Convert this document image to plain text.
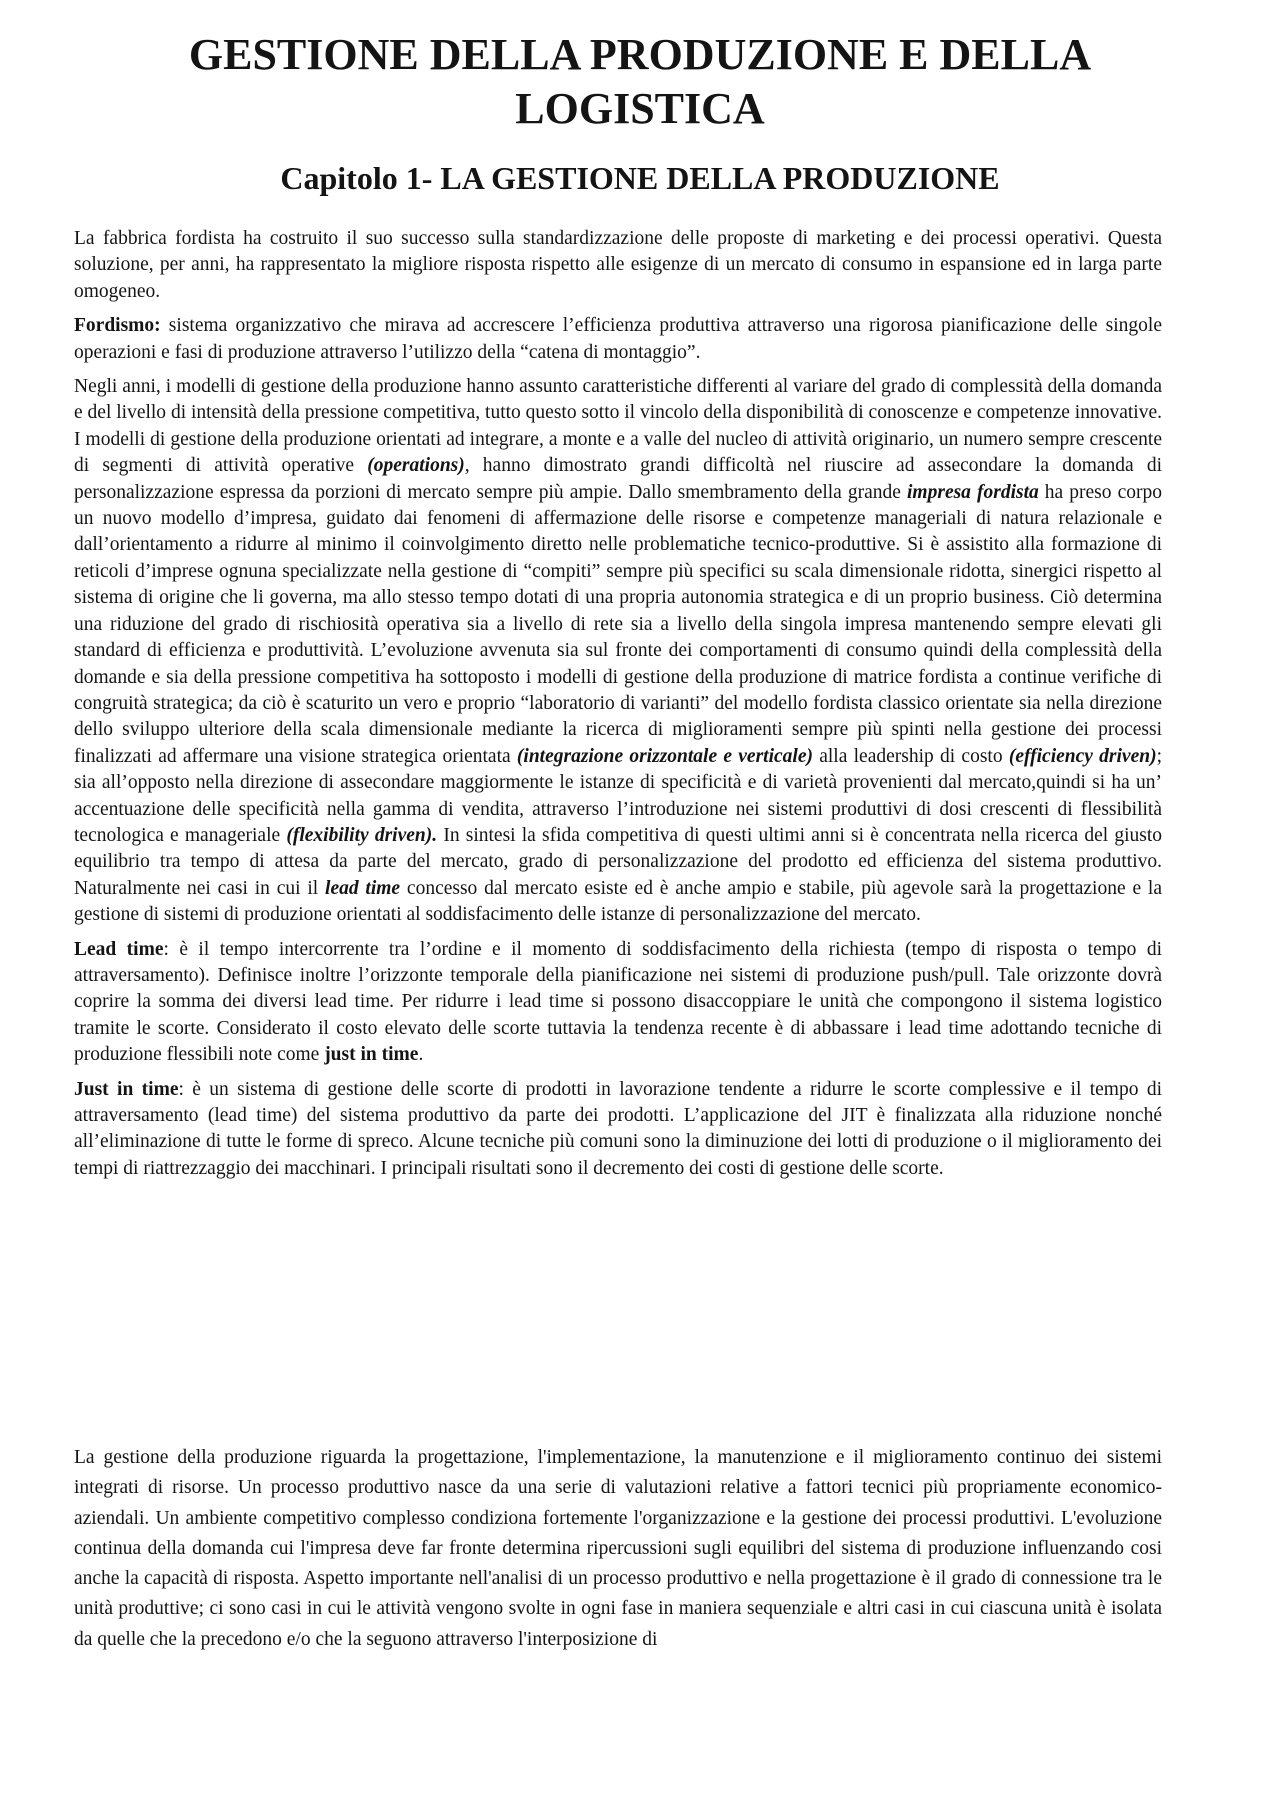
GESTIONE DELLA PRODUZIONE E DELLA
LOGISTICA
Capitolo 1- LA GESTIONE DELLA PRODUZIONE

La fabbrica fordista ha costruito il suo successo sulla standardizzazione delle proposte di marketing e dei processi operativi. Questa soluzione, per anni, ha rappresentato la migliore risposta rispetto alle esigenze di un mercato di consumo in espansione ed in larga parte omogeneo.

Fordismo: sistema organizzativo che mirava ad accrescere l’efficienza produttiva attraverso una rigorosa pianificazione delle singole operazioni e fasi di produzione attraverso l’utilizzo della “catena di montaggio”.

Negli anni, i modelli di gestione della produzione hanno assunto caratteristiche differenti al variare del grado di complessità della domanda e del livello di intensità della pressione competitiva, tutto questo sotto il vincolo della disponibilità di conoscenze e competenze innovative. I modelli di gestione della produzione orientati ad integrare, a monte e a valle del nucleo di attività originario, un numero sempre crescente di segmenti di attività operative (operations), hanno dimostrato grandi difficoltà nel riuscire ad assecondare la domanda di personalizzazione espressa da porzioni di mercato sempre più ampie. Dallo smembramento della grande impresa fordista ha preso corpo un nuovo modello d’impresa, guidato dai fenomeni di affermazione delle risorse e competenze manageriali di natura relazionale e dall’orientamento a ridurre al minimo il coinvolgimento diretto nelle problematiche tecnico-produttive. Si è assistito alla formazione di reticoli d’imprese ognuna specializzate nella gestione di “compiti” sempre più specifici su scala dimensionale ridotta, sinergici rispetto al sistema di origine che li governa, ma allo stesso tempo dotati di una propria autonomia strategica e di un proprio business. Ciò determina una riduzione del grado di rischiosità operativa sia a livello di rete sia a livello della singola impresa mantenendo sempre elevati gli standard di efficienza e produttività. L’evoluzione avvenuta sia sul fronte dei comportamenti di consumo quindi della complessità della domande e sia della pressione competitiva ha sottoposto i modelli di gestione della produzione di matrice fordista a continue verifiche di congruità strategica; da ciò è scaturito un vero e proprio “laboratorio di varianti” del modello fordista classico orientate sia nella direzione dello sviluppo ulteriore della scala dimensionale mediante la ricerca di miglioramenti sempre più spinti nella gestione dei processi finalizzati ad affermare una visione strategica orientata (integrazione orizzontale e verticale) alla leadership di costo (efficiency driven); sia all’opposto nella direzione di assecondare maggiormente le istanze di specificità e di varietà provenienti dal mercato,quindi si ha un’ accentuazione delle specificità nella gamma di vendita, attraverso l’introduzione nei sistemi produttivi di dosi crescenti di flessibilità tecnologica e manageriale (flexibility driven). In sintesi la sfida competitiva di questi ultimi anni si è concentrata nella ricerca del giusto equilibrio tra tempo di attesa da parte del mercato, grado di personalizzazione del prodotto ed efficienza del sistema produttivo. Naturalmente nei casi in cui il lead time concesso dal mercato esiste ed è anche ampio e stabile, più agevole sarà la progettazione e la gestione di sistemi di produzione orientati al soddisfacimento delle istanze di personalizzazione del mercato.

Lead time: è il tempo intercorrente tra l’ordine e il momento di soddisfacimento della richiesta (tempo di risposta o tempo di attraversamento). Definisce inoltre l’orizzonte temporale della pianificazione nei sistemi di produzione push/pull. Tale orizzonte dovrà coprire la somma dei diversi lead time. Per ridurre i lead time si possono disaccoppiare le unità che compongono il sistema logistico tramite le scorte. Considerato il costo elevato delle scorte tuttavia la tendenza recente è di abbassare i lead time adottando tecniche di produzione flessibili note come just in time.

Just in time: è un sistema di gestione delle scorte di prodotti in lavorazione tendente a ridurre le scorte complessive e il tempo di attraversamento (lead time) del sistema produttivo da parte dei prodotti. L’applicazione del JIT è finalizzata alla riduzione nonché all’eliminazione di tutte le forme di spreco. Alcune tecniche più comuni sono la diminuzione dei lotti di produzione o il miglioramento dei tempi di riattrezzaggio dei macchinari. I principali risultati sono il decremento dei costi di gestione delle scorte.

La gestione della produzione riguarda la progettazione, l'implementazione, la manutenzione e il miglioramento continuo dei sistemi integrati di risorse. Un processo produttivo nasce da una serie di valutazioni relative a fattori tecnici più propriamente economico-aziendali. Un ambiente competitivo complesso condiziona fortemente l'organizzazione e la gestione dei processi produttivi. L'evoluzione continua della domanda cui l'impresa deve far fronte determina ripercussioni sugli equilibri del sistema di produzione influenzando cosi anche la capacità di risposta. Aspetto importante nell'analisi di un processo produttivo e nella progettazione è il grado di connessione tra le unità produttive; ci sono casi in cui le attività vengono svolte in ogni fase in maniera sequenziale e altri casi in cui ciascuna unità è isolata da quelle che la precedono e/o che la seguono attraverso l'interposizione di
